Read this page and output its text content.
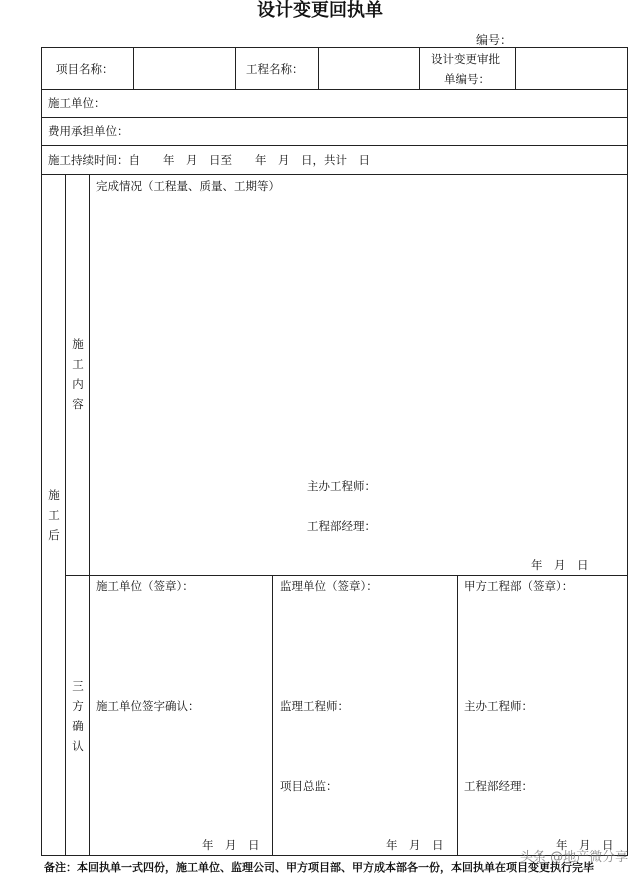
设计变更回执单
编号：
项目名称：	工程名称：
设计变更审批
单编号：
施工单位：
费用承担单位：
施工持续时间：自　　年　月　日至　　年　月　日，共计　日
施工后
施工内容
三方确认
完成情况（工程量、质量、工期等）
主办工程师：
工程部经理：
年　月　日
施工单位（签章）：
施工单位签字确认：
年　月　日
监理单位（签章）：
监理工程师：
项目总监：
年　月　日
甲方工程部（签章）：
主办工程师：
工程部经理：
年　月　日
备注：本回执单一式四份，施工单位、监理公司、甲方项目部、甲方成本部各一份，本回执单在项目变更执行完毕
头条 @地产微分享
